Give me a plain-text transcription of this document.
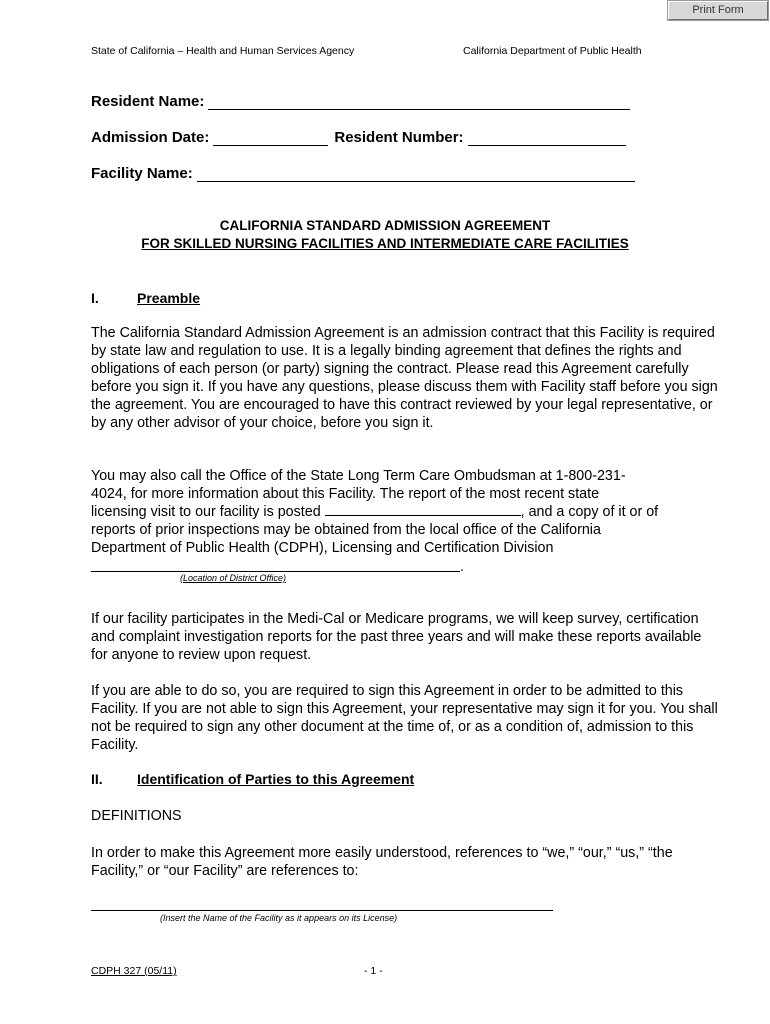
Print Form
State of California – Health and Human Services Agency	California Department of Public Health
Resident Name:
Admission Date:	Resident Number:
Facility Name:
CALIFORNIA STANDARD ADMISSION AGREEMENT
FOR SKILLED NURSING FACILITIES AND INTERMEDIATE CARE FACILITIES
I.	Preamble
The California Standard Admission Agreement is an admission contract that this Facility is required by state law and regulation to use. It is a legally binding agreement that defines the rights and obligations of each person (or party) signing the contract. Please read this Agreement carefully before you sign it. If you have any questions, please discuss them with Facility staff before you sign the agreement. You are encouraged to have this contract reviewed by your legal representative, or by any other advisor of your choice, before you sign it.
You may also call the Office of the State Long Term Care Ombudsman at 1-800-231-
4024, for more information about this Facility. The report of the most recent state
licensing visit to our facility is posted	, and a copy of it or of
reports of prior inspections may be obtained from the local office of the California
Department of Public Health (CDPH), Licensing and Certification Division
.
(Location of District Office)
If our facility participates in the Medi-Cal or Medicare programs, we will keep survey, certification and complaint investigation reports for the past three years and will make these reports available for anyone to review upon request.
If you are able to do so, you are required to sign this Agreement in order to be admitted to this Facility. If you are not able to sign this Agreement, your representative may sign it for you. You shall not be required to sign any other document at the time of, or as a condition of, admission to this Facility.
II. Identification of Parties to this Agreement
DEFINITIONS
In order to make this Agreement more easily understood, references to “we,” “our,” “us,” “the Facility,” or “our Facility” are references to:
(Insert the Name of the Facility as it appears on its License)
CDPH 327 (05/11)	- 1 -
